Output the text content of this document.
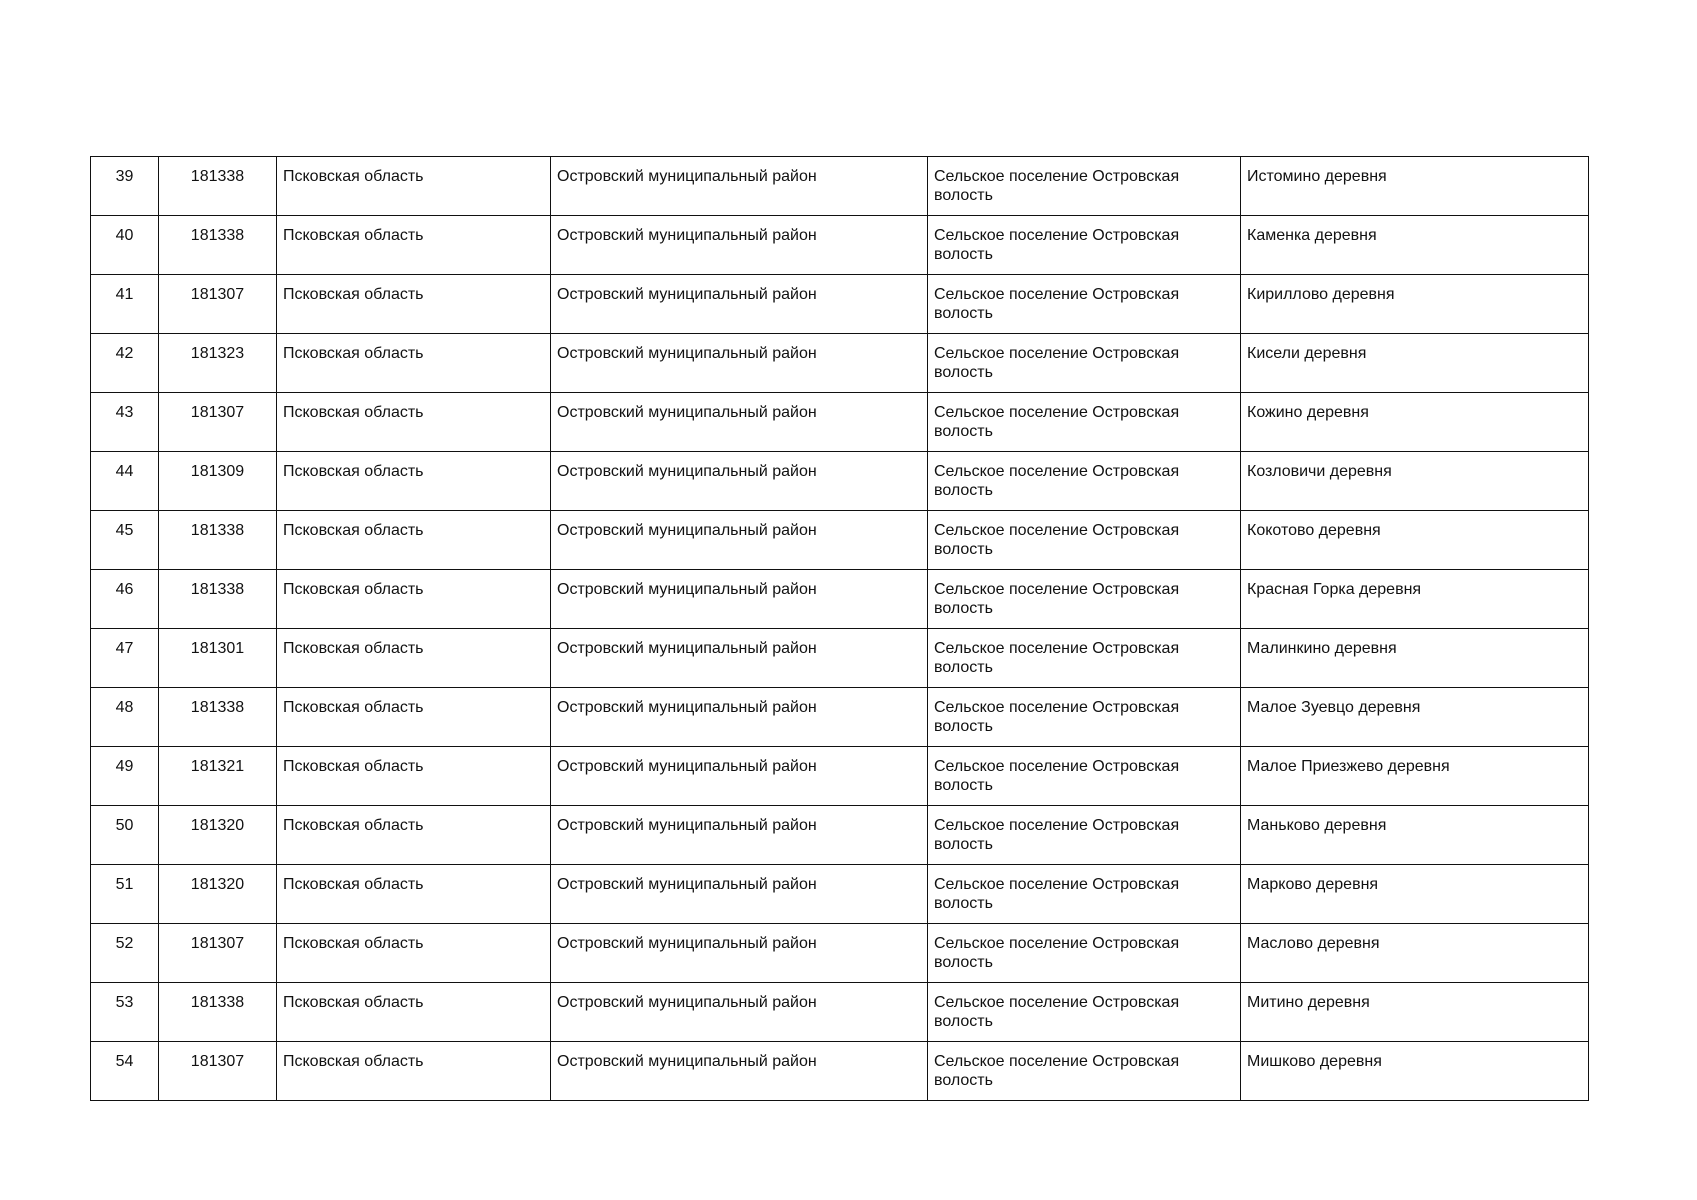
39	181338	Псковская область	Островский муниципальный район	Сельское поселение Островская волость	Истомино деревня
40	181338	Псковская область	Островский муниципальный район	Сельское поселение Островская волость	Каменка деревня
41	181307	Псковская область	Островский муниципальный район	Сельское поселение Островская волость	Кириллово деревня
42	181323	Псковская область	Островский муниципальный район	Сельское поселение Островская волость	Кисели деревня
43	181307	Псковская область	Островский муниципальный район	Сельское поселение Островская волость	Кожино деревня
44	181309	Псковская область	Островский муниципальный район	Сельское поселение Островская волость	Козловичи деревня
45	181338	Псковская область	Островский муниципальный район	Сельское поселение Островская волость	Кокотово деревня
46	181338	Псковская область	Островский муниципальный район	Сельское поселение Островская волость	Красная Горка деревня
47	181301	Псковская область	Островский муниципальный район	Сельское поселение Островская волость	Малинкино деревня
48	181338	Псковская область	Островский муниципальный район	Сельское поселение Островская волость	Малое Зуевцо деревня
49	181321	Псковская область	Островский муниципальный район	Сельское поселение Островская волость	Малое Приезжево деревня
50	181320	Псковская область	Островский муниципальный район	Сельское поселение Островская волость	Маньково деревня
51	181320	Псковская область	Островский муниципальный район	Сельское поселение Островская волость	Марково деревня
52	181307	Псковская область	Островский муниципальный район	Сельское поселение Островская волость	Маслово деревня
53	181338	Псковская область	Островский муниципальный район	Сельское поселение Островская волость	Митино деревня
54	181307	Псковская область	Островский муниципальный район	Сельское поселение Островская волость	Мишково деревня
